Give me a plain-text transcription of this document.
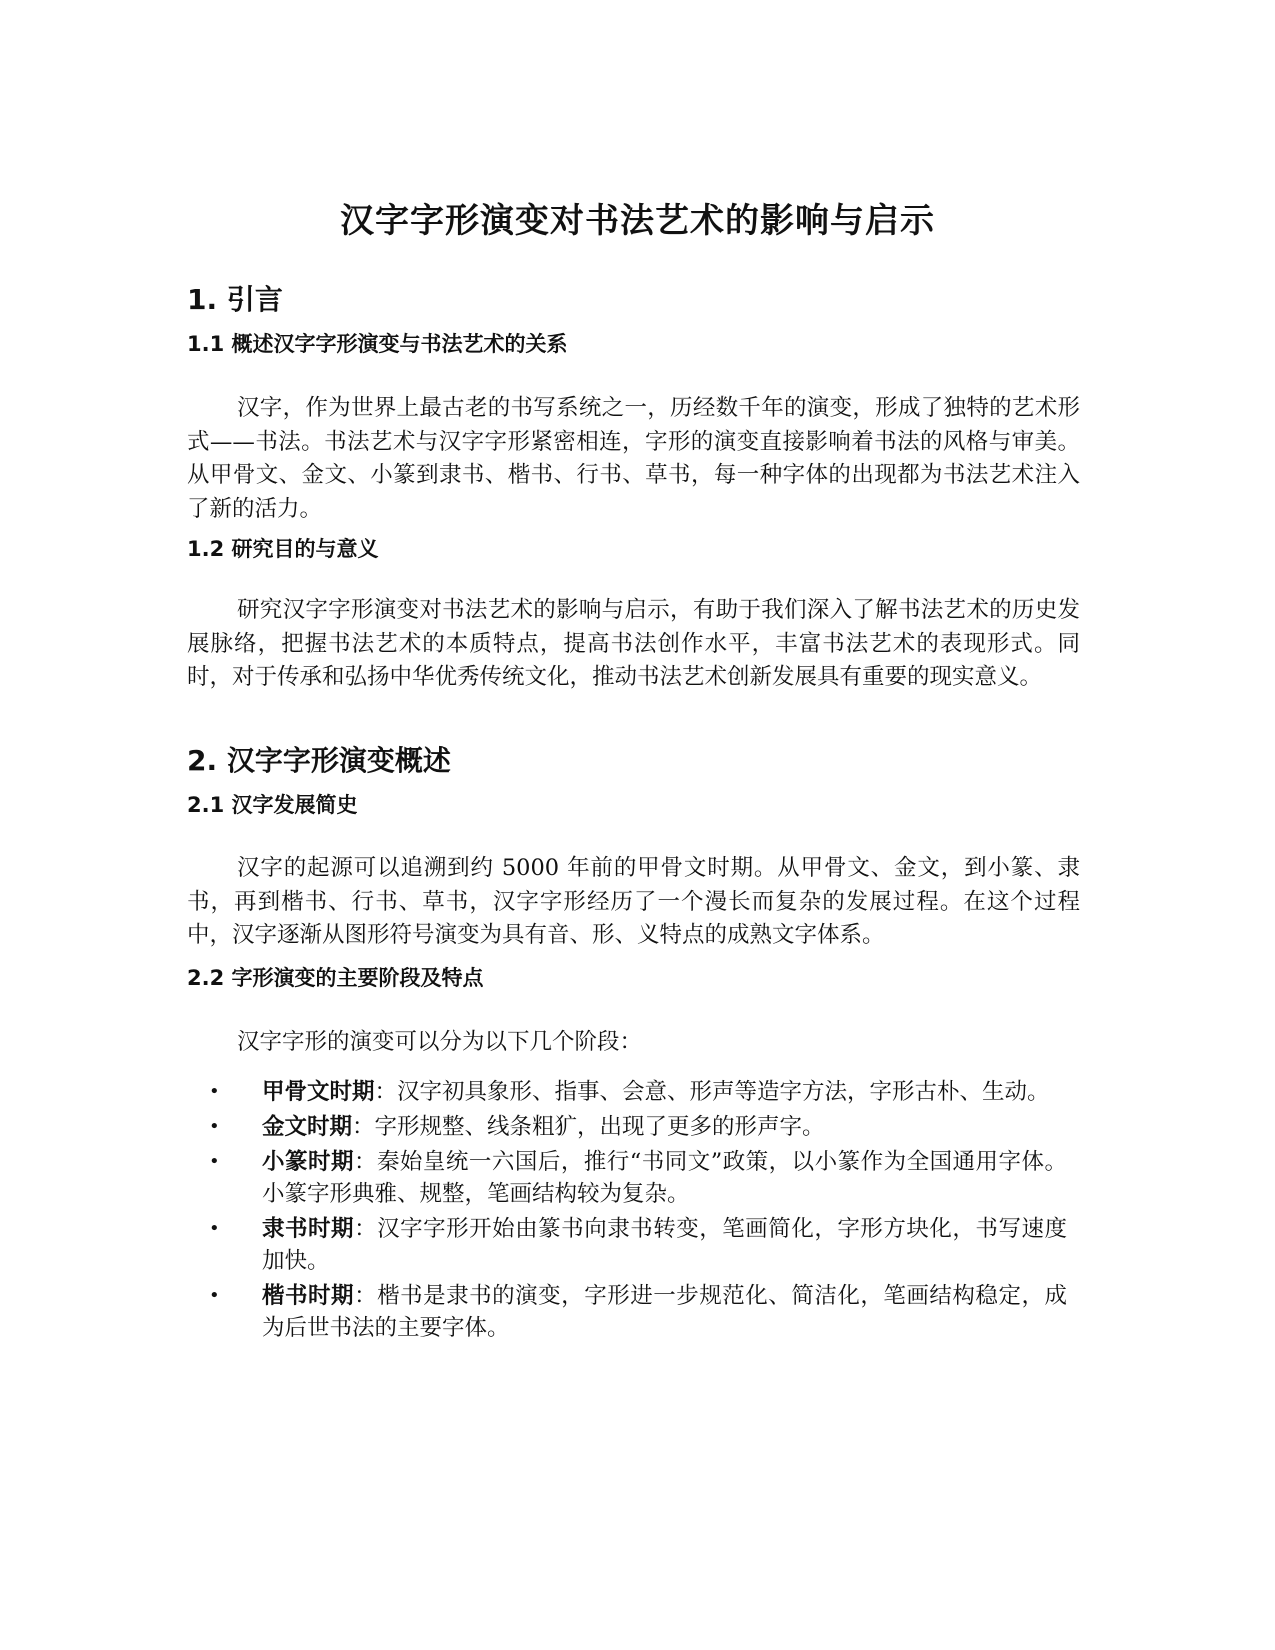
汉字字形演变对书法艺术的影响与启示
1. 引言
1.1 概述汉字字形演变与书法艺术的关系

汉字，作为世界上最古老的书写系统之一，历经数千年的演变，形成了独特的艺术形式——书法。书法艺术与汉字字形紧密相连，字形的演变直接影响着书法的风格与审美。从甲骨文、金文、小篆到隶书、楷书、行书、草书，每一种字体的出现都为书法艺术注入了新的活力。

1.2 研究目的与意义

研究汉字字形演变对书法艺术的影响与启示，有助于我们深入了解书法艺术的历史发展脉络，把握书法艺术的本质特点，提高书法创作水平，丰富书法艺术的表现形式。同时，对于传承和弘扬中华优秀传统文化，推动书法艺术创新发展具有重要的现实意义。

2. 汉字字形演变概述
2.1 汉字发展简史

汉字的起源可以追溯到约 5000 年前的甲骨文时期。从甲骨文、金文，到小篆、隶书，再到楷书、行书、草书，汉字字形经历了一个漫长而复杂的发展过程。在这个过程中，汉字逐渐从图形符号演变为具有音、形、义特点的成熟文字体系。

2.2 字形演变的主要阶段及特点

汉字字形的演变可以分为以下几个阶段：

• 甲骨文时期：汉字初具象形、指事、会意、形声等造字方法，字形古朴、生动。
• 金文时期：字形规整、线条粗犷，出现了更多的形声字。
• 小篆时期：秦始皇统一六国后，推行“书同文”政策，以小篆作为全国通用字体。小篆字形典雅、规整，笔画结构较为复杂。
• 隶书时期：汉字字形开始由篆书向隶书转变，笔画简化，字形方块化，书写速度加快。
• 楷书时期：楷书是隶书的演变，字形进一步规范化、简洁化，笔画结构稳定，成为后世书法的主要字体。
